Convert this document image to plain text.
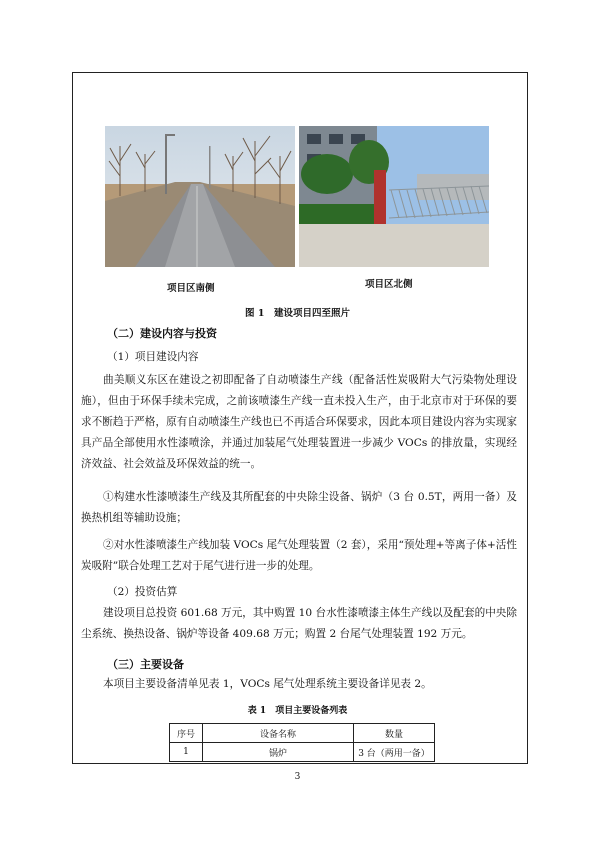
项目区南侧	项目区北侧
图 1　建设项目四至照片
（二）建设内容与投资
（1）项目建设内容

曲美顺义东区在建设之初即配备了自动喷漆生产线（配备活性炭吸附大气污染物处理设施），但由于环保手续未完成，之前该喷漆生产线一直未投入生产，由于北京市对于环保的要求不断趋于严格，原有自动喷漆生产线也已不再适合环保要求，因此本项目建设内容为实现家具产品全部使用水性漆喷涂，并通过加装尾气处理装置进一步减少 VOCs 的排放量，实现经济效益、社会效益及环保效益的统一。

①构建水性漆喷漆生产线及其所配套的中央除尘设备、锅炉（3 台 0.5T，两用一备）及换热机组等辅助设施；

②对水性漆喷漆生产线加装 VOCs 尾气处理装置（2 套），采用“预处理+等离子体+活性炭吸附”联合处理工艺对于尾气进行进一步的处理。

（2）投资估算

建设项目总投资 601.68 万元，其中购置 10 台水性漆喷漆主体生产线以及配套的中央除尘系统、换热设备、锅炉等设备 409.68 万元；购置 2 台尾气处理装置 192 万元。

（三）主要设备

本项目主要设备清单见表 1，VOCs 尾气处理系统主要设备详见表 2。

表 1　项目主要设备列表
序号	设备名称	数量
1	锅炉	3 台（两用一备）
3
